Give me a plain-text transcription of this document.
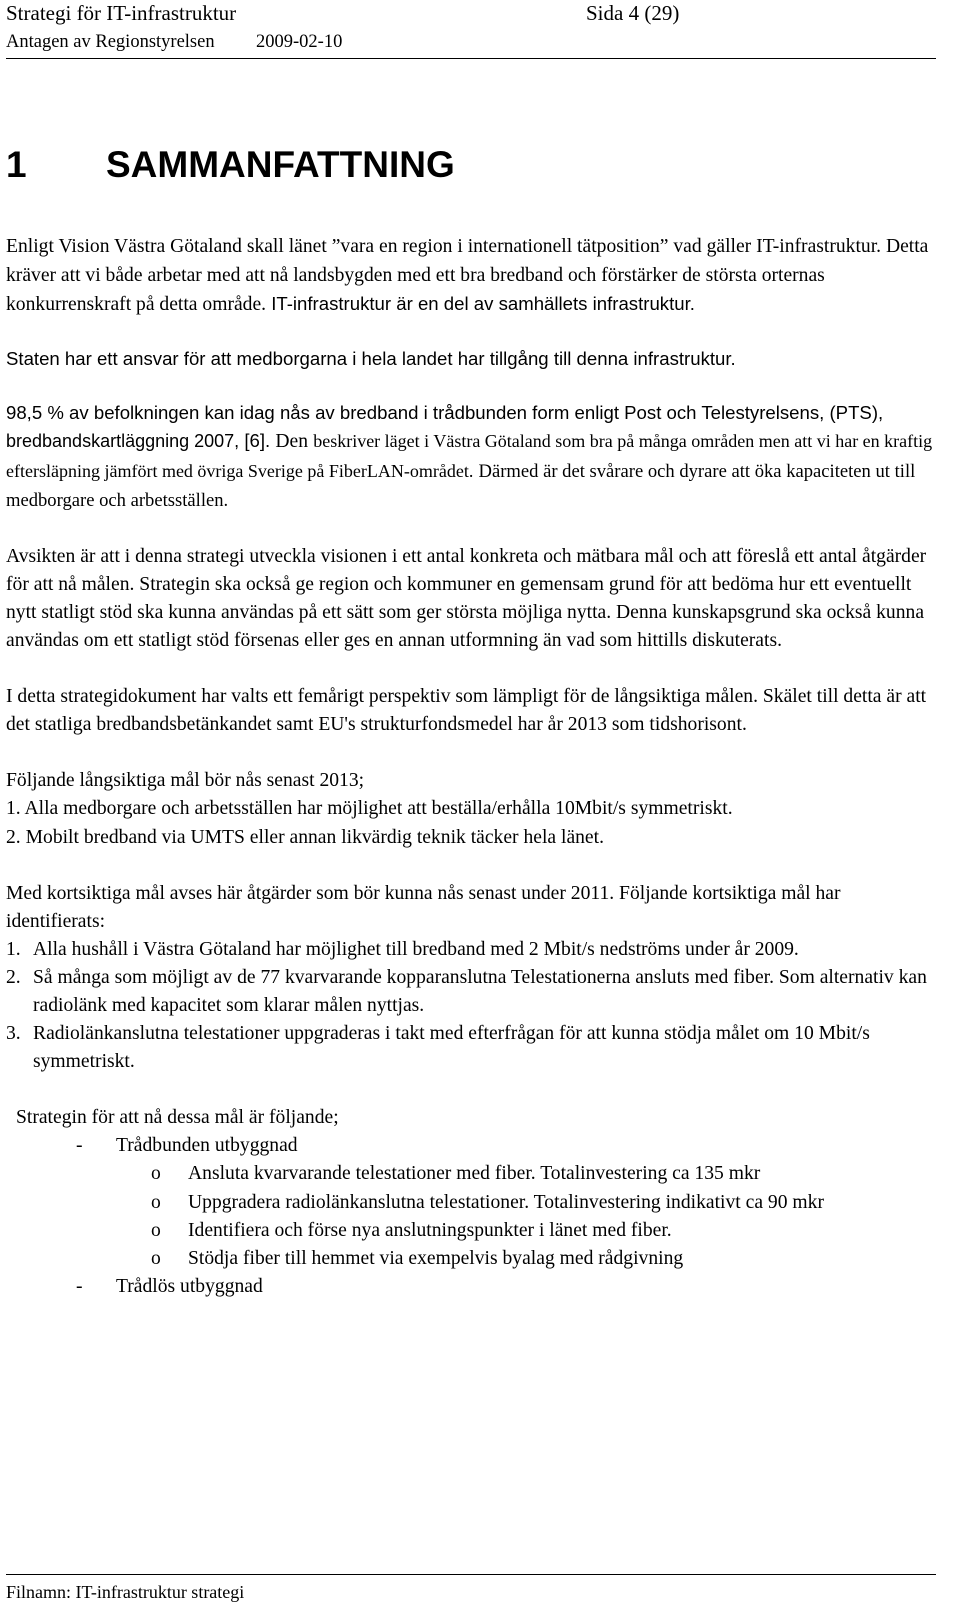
Strategi för IT-infrastruktur	Sida 4 (29)
Antagen av Regionstyrelsen 2009-02-10
1 SAMMANFATTNING

Enligt Vision Västra Götaland skall länet ”vara en region i internationell tätposition” vad gäller IT-infrastruktur. Detta kräver att vi både arbetar med att nå landsbygden med ett bra bredband och förstärker de största orternas konkurrenskraft på detta område. IT-infrastruktur är en del av samhällets infrastruktur.

Staten har ett ansvar för att medborgarna i hela landet har tillgång till denna infrastruktur.

98,5 % av befolkningen kan idag nås av bredband i trådbunden form enligt Post och Telestyrelsens, (PTS), bredbandskartläggning 2007, [6]. Den beskriver läget i Västra Götaland som bra på många områden men att vi har en kraftig eftersläpning jämfört med övriga Sverige på FiberLAN-området. Därmed är det svårare och dyrare att öka kapaciteten ut till medborgare och arbetsställen.

Avsikten är att i denna strategi utveckla visionen i ett antal konkreta och mätbara mål och att föreslå ett antal åtgärder för att nå målen. Strategin ska också ge region och kommuner en gemensam grund för att bedöma hur ett eventuellt nytt statligt stöd ska kunna användas på ett sätt som ger största möjliga nytta. Denna kunskapsgrund ska också kunna användas om ett statligt stöd försenas eller ges en annan utformning än vad som hittills diskuterats.

I detta strategidokument har valts ett femårigt perspektiv som lämpligt för de långsiktiga målen. Skälet till detta är att det statliga bredbandsbetänkandet samt EU's strukturfondsmedel har år 2013 som tidshorisont.

Följande långsiktiga mål bör nås senast 2013;

1. Alla medborgare och arbetsställen har möjlighet att beställa/erhålla 10Mbit/s symmetriskt.

2. Mobilt bredband via UMTS eller annan likvärdig teknik täcker hela länet.

Med kortsiktiga mål avses här åtgärder som bör kunna nås senast under 2011. Följande kortsiktiga mål har identifierats:

1. Alla hushåll i Västra Götaland har möjlighet till bredband med 2 Mbit/s nedströms under år 2009.
2. Så många som möjligt av de 77 kvarvarande kopparanslutna Telestationerna ansluts med fiber. Som alternativ kan radiolänk med kapacitet som klarar målen nyttjas.
3. Radiolänkanslutna telestationer uppgraderas i takt med efterfrågan för att kunna stödja målet om 10 Mbit/s symmetriskt.

Strategin för att nå dessa mål är följande;

- Trådbunden utbyggnad
o Ansluta kvarvarande telestationer med fiber. Totalinvestering ca 135 mkr
o Uppgradera radiolänkanslutna telestationer. Totalinvestering indikativt ca 90 mkr
o Identifiera och förse nya anslutningspunkter i länet med fiber.
o Stödja fiber till hemmet via exempelvis byalag med rådgivning
- Trådlös utbyggnad
Filnamn: IT-infrastruktur strategi
